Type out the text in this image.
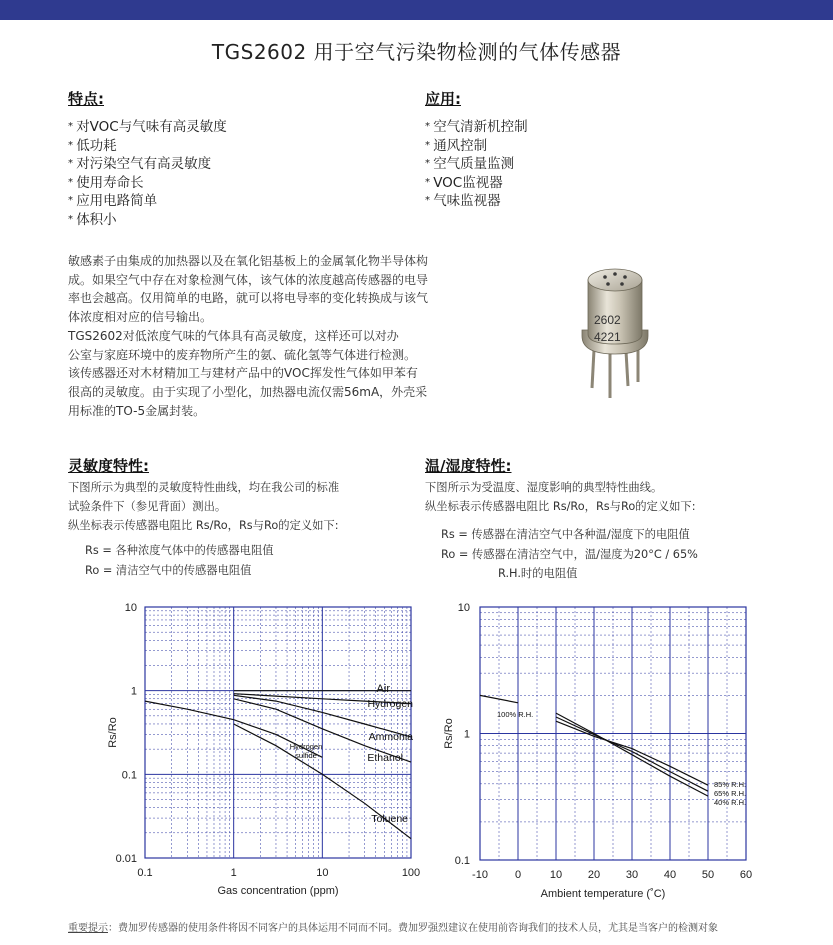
TGS2602 用于空气污染物检测的气体传感器
特点:
* 对VOC与气味有高灵敏度
* 低功耗
* 对污染空气有高灵敏度
* 使用寿命长
* 应用电路简单
* 体积小
应用:
* 空气清新机控制
* 通风控制
* 空气质量监测
* VOC监视器
* 气味监视器

敏感素子由集成的加热器以及在氧化铝基板上的金属氧化物半导体构

成。如果空气中存在对象检测气体，该气体的浓度越高传感器的电导

率也会越高。仅用简单的电路，就可以将电导率的变化转换成与该气

体浓度相对应的信号输出。

TGS2602对低浓度气味的气体具有高灵敏度，这样还可以对办

公室与家庭环境中的废弃物所产生的氨、硫化氢等气体进行检测。

该传感器还对木材精加工与建材产品中的VOC挥发性气体如甲苯有

很高的灵敏度。由于实现了小型化，加热器电流仅需56mA，外壳采

用标准的TO-5金属封装。

2602
4221
灵敏度特性:

下图所示为典型的灵敏度特性曲线，均在我公司的标准

试验条件下（参见背面）测出。

纵坐标表示传感器电阻比 Rs/Ro，Rs与Ro的定义如下:

Rs = 各种浓度气体中的传感器电阻值

Ro = 清洁空气中的传感器电阻值

温/湿度特性:

下图所示为受温度、湿度影响的典型特性曲线。

纵坐标表示传感器电阻比 Rs/Ro，Rs与Ro的定义如下:

Rs = 传感器在清洁空气中各种温/湿度下的电阻值

Ro = 传感器在清洁空气中，温/湿度为20°C / 65%

R.H.时的电阻值

0.1	1	10	100
0.01
0.1
1
10
Air
Hydrogen
Ammonia
Ethanol
Hydrogen
sulfide
Toluene
Gas concentration (ppm)
Rs/Ro
-10 0	10 20 30 40 50 60
0.1
1
10
100% R.H.
85% R.H.
65% R.H.
40% R.H.
Ambient temperature (˚C)
Rs/Ro
重要提示：费加罗传感器的使用条件将因不同客户的具体运用不同而不同。费加罗强烈建议在使用前咨询我们的技术人员，尤其是当客户的检测对象
